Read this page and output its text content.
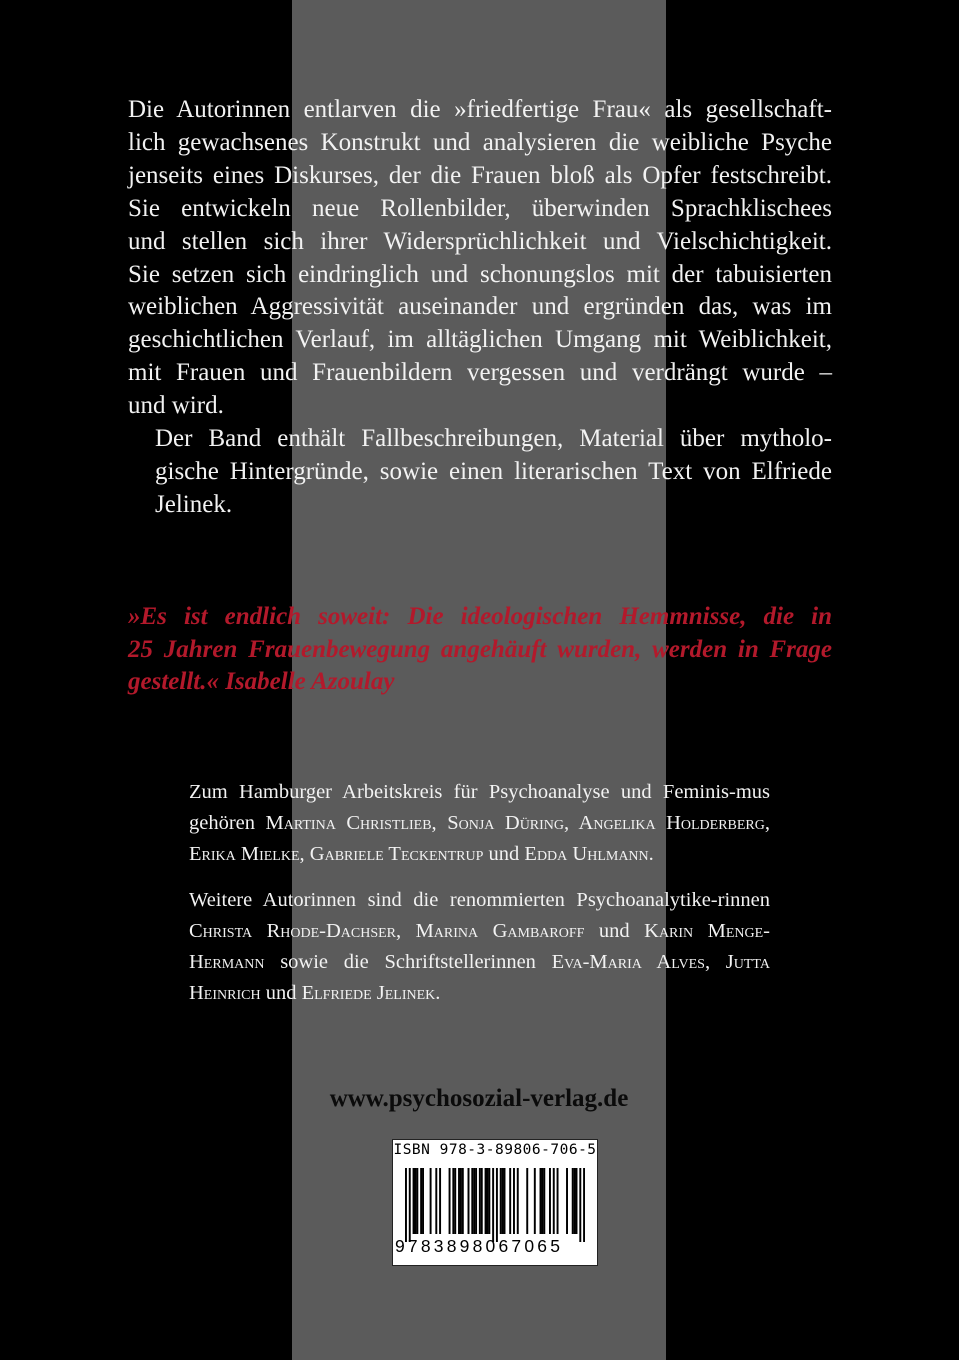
Die Autorinnen entlarven die »friedfertige Frau« als gesellschaft-
lich gewachsenes Konstrukt und analysieren die weibliche Psyche
jenseits eines Diskurses, der die Frauen bloß als Opfer festschreibt.
Sie entwickeln neue Rollenbilder, überwinden Sprachklischees
und stellen sich ihrer Widersprüchlichkeit und Vielschichtigkeit.
Sie setzen sich eindringlich und schonungslos mit der tabuisierten
weiblichen Aggressivität auseinander und ergründen das, was im
geschichtlichen Verlauf, im alltäglichen Umgang mit Weiblichkeit,
mit Frauen und Frauenbildern vergessen und verdrängt wurde –
und wird.

Der Band enthält Fallbeschreibungen, Material über mytholo-
gische Hintergründe, sowie einen literarischen Text von Elfriede
Jelinek.

»Es ist endlich soweit: Die ideologischen Hemmnisse, die in
25 Jahren Frauenbewegung angehäuft wurden, werden in Frage
gestellt.« Isabelle Azoulay

Zum Hamburger Arbeitskreis für Psychoanalyse und Feminis-mus gehören Martina Christlieb, Sonja Düring, Angelika Holderberg, Erika Mielke, Gabriele Teckentrup und Edda Uhlmann.

Weitere Autorinnen sind die renommierten Psychoanalytike-rinnen Christa Rhode-Dachser, Marina Gambaroff und Karin Menge-Hermann sowie die Schriftstellerinnen Eva-Maria Alves, Jutta Heinrich und Elfriede Jelinek.

www.psychosozial-verlag.de

ISBN 978-3-89806-706-5
9783898067065
